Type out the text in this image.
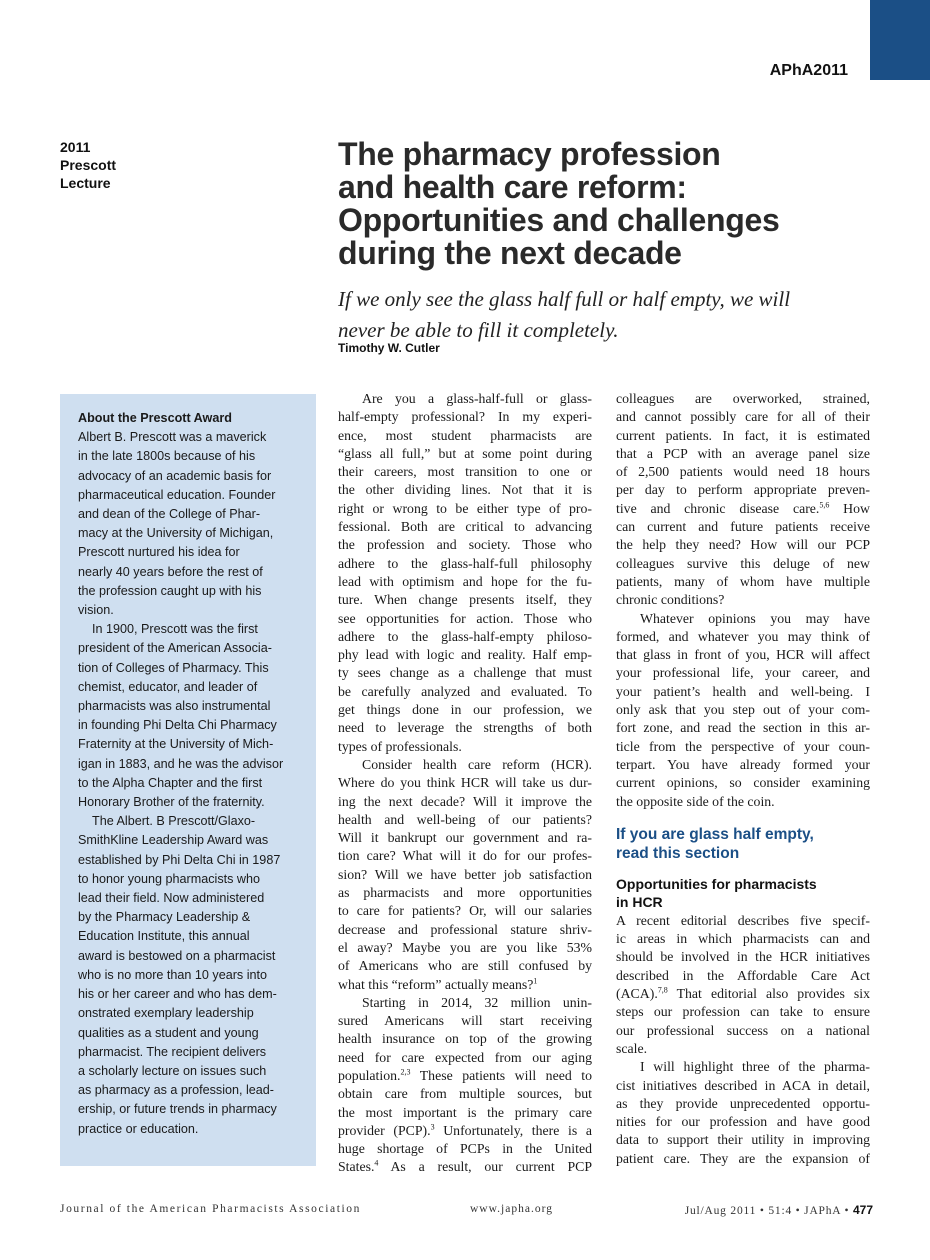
APhA2011
2011
Prescott
Lecture
The pharmacy profession
and health care reform:
Opportunities and challenges
during the next decade
If we only see the glass half full or half empty, we will
never be able to fill it completely.
Timothy W. Cutler
About the Prescott Award
Albert B. Prescott was a maverick
in the late 1800s because of his
advocacy of an academic basis for
pharmaceutical education. Founder
and dean of the College of Phar-
macy at the University of Michigan,
Prescott nurtured his idea for
nearly 40 years before the rest of
the profession caught up with his
vision.
In 1900, Prescott was the first
president of the American Associa-
tion of Colleges of Pharmacy. This
chemist, educator, and leader of
pharmacists was also instrumental
in founding Phi Delta Chi Pharmacy
Fraternity at the University of Mich-
igan in 1883, and he was the advisor
to the Alpha Chapter and the first
Honorary Brother of the fraternity.
The Albert. B Prescott/Glaxo-
SmithKline Leadership Award was
established by Phi Delta Chi in 1987
to honor young pharmacists who
lead their field. Now administered
by the Pharmacy Leadership &
Education Institute, this annual
award is bestowed on a pharmacist
who is no more than 10 years into
his or her career and who has dem-
onstrated exemplary leadership
qualities as a student and young
pharmacist. The recipient delivers
a scholarly lecture on issues such
as pharmacy as a profession, lead-
ership, or future trends in pharmacy
practice or education.
Are you a glass-half-full or glass-
half-empty professional? In my experi-
ence, most student pharmacists are
“glass all full,” but at some point during
their careers, most transition to one or
the other dividing lines. Not that it is
right or wrong to be either type of pro-
fessional. Both are critical to advancing
the profession and society. Those who
adhere to the glass-half-full philosophy
lead with optimism and hope for the fu-
ture. When change presents itself, they
see opportunities for action. Those who
adhere to the glass-half-empty philoso-
phy lead with logic and reality. Half emp-
ty sees change as a challenge that must
be carefully analyzed and evaluated. To
get things done in our profession, we
need to leverage the strengths of both
types of professionals.
Consider health care reform (HCR).
Where do you think HCR will take us dur-
ing the next decade? Will it improve the
health and well-being of our patients?
Will it bankrupt our government and ra-
tion care? What will it do for our profes-
sion? Will we have better job satisfaction
as pharmacists and more opportunities
to care for patients? Or, will our salaries
decrease and professional stature shriv-
el away? Maybe you are you like 53%
of Americans who are still confused by
what this “reform” actually means?$^1$
Starting in 2014, 32 million unin-
sured Americans will start receiving
health insurance on top of the growing
need for care expected from our aging
population.$^{2,3}$ These patients will need to
obtain care from multiple sources, but
the most important is the primary care
provider (PCP).$^3$ Unfortunately, there is a
huge shortage of PCPs in the United
States.$^4$ As a result, our current PCP
colleagues are overworked, strained,
and cannot possibly care for all of their
current patients. In fact, it is estimated
that a PCP with an average panel size
of 2,500 patients would need 18 hours
per day to perform appropriate preven-
tive and chronic disease care.$^{5,6}$ How
can current and future patients receive
the help they need? How will our PCP
colleagues survive this deluge of new
patients, many of whom have multiple
chronic conditions?
Whatever opinions you may have
formed, and whatever you may think of
that glass in front of you, HCR will affect
your professional life, your career, and
your patient’s health and well-being. I
only ask that you step out of your com-
fort zone, and read the section in this ar-
ticle from the perspective of your coun-
terpart. You have already formed your
current opinions, so consider examining
the opposite side of the coin.
If you are glass half empty,
read this section
Opportunities for pharmacists
in HCR
A recent editorial describes five specif-
ic areas in which pharmacists can and
should be involved in the HCR initiatives
described in the Affordable Care Act
(ACA).$^{7,8}$ That editorial also provides six
steps our profession can take to ensure
our professional success on a national
scale.
I will highlight three of the pharma-
cist initiatives described in ACA in detail,
as they provide unprecedented opportu-
nities for our profession and have good
data to support their utility in improving
patient care. They are the expansion of
Journal of the American Pharmacists Association	www.japha.org	Jul/Aug 2011 • 51:4 • JAPhA • 477
